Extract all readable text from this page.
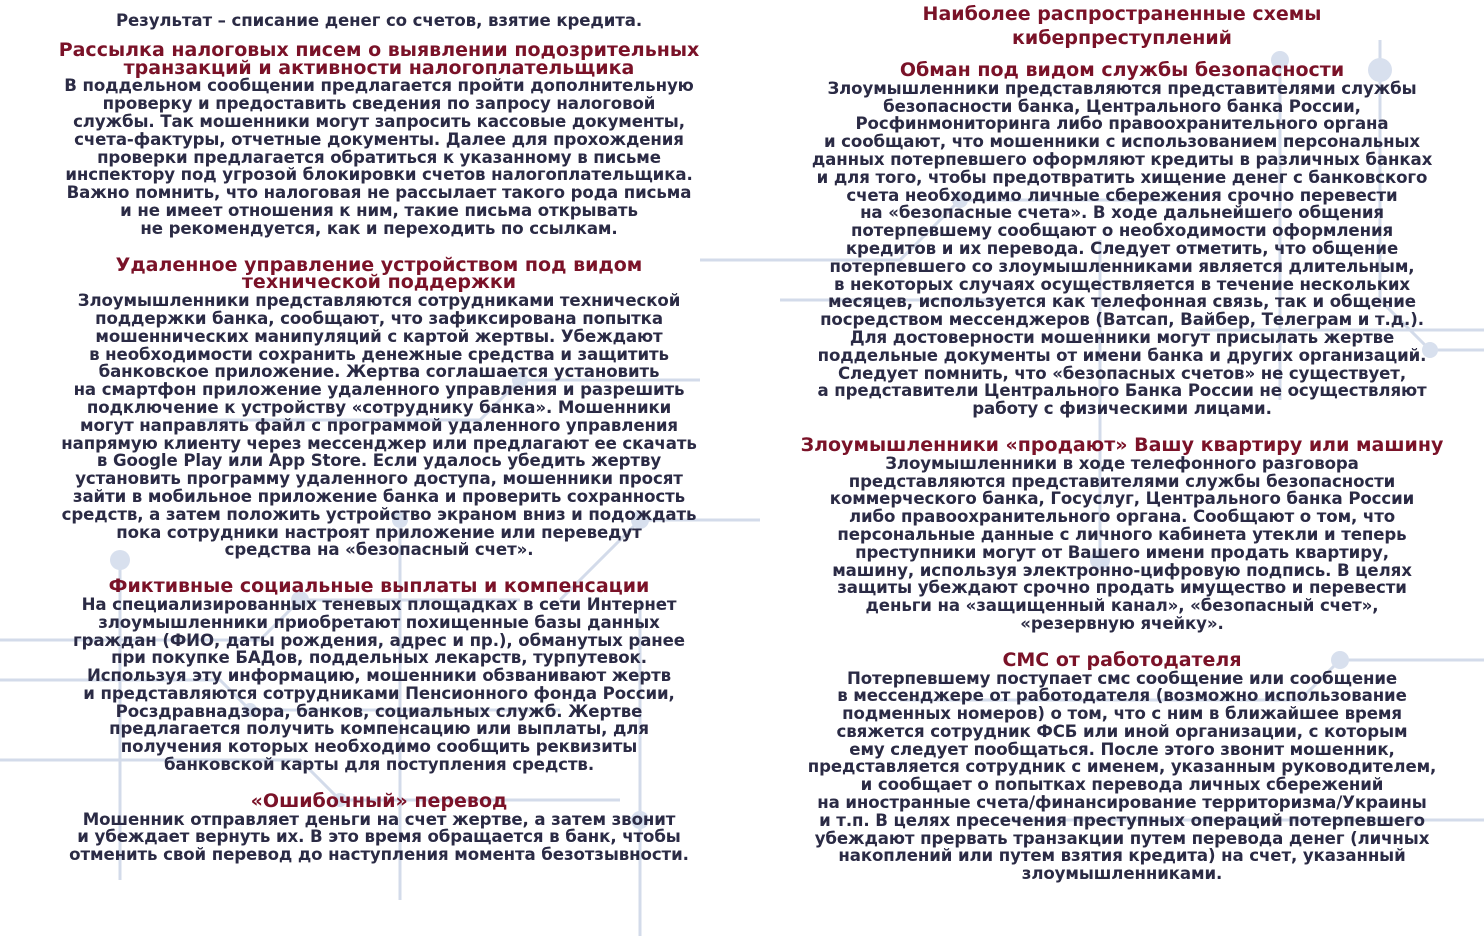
Результат – списание денег со счетов, взятие кредита.

Рассылка налоговых писем о выявлении подозрительных
транзакций и активности налогоплательщика

В поддельном сообщении предлагается пройти дополнительную
проверку и предоставить сведения по запросу налоговой
службы. Так мошенники могут запросить кассовые документы,
счета-фактуры, отчетные документы. Далее для прохождения
проверки предлагается обратиться к указанному в письме
инспектору под угрозой блокировки счетов налогоплательщика.
Важно помнить, что налоговая не рассылает такого рода письма
и не имеет отношения к ним, такие письма открывать
не рекомендуется, как и переходить по ссылкам.

Удаленное управление устройством под видом
технической поддержки

Злоумышленники представляются сотрудниками технической
поддержки банка, сообщают, что зафиксирована попытка
мошеннических манипуляций с картой жертвы. Убеждают
в необходимости сохранить денежные средства и защитить
банковское приложение. Жертва соглашается установить
на смартфон приложение удаленного управления и разрешить
подключение к устройству «сотруднику банка». Мошенники
могут направлять файл с программой удаленного управления
напрямую клиенту через мессенджер или предлагают ее скачать
в Google Play или App Store. Если удалось убедить жертву
установить программу удаленного доступа, мошенники просят
зайти в мобильное приложение банка и проверить сохранность
средств, а затем положить устройство экраном вниз и подождать
пока сотрудники настроят приложение или переведут
средства на «безопасный счет».

Фиктивные социальные выплаты и компенсации

На специализированных теневых площадках в сети Интернет
злоумышленники приобретают похищенные базы данных
граждан (ФИО, даты рождения, адрес и пр.), обманутых ранее
при покупке БАДов, поддельных лекарств, турпутевок.
Используя эту информацию, мошенники обзванивают жертв
и представляются сотрудниками Пенсионного фонда России,
Росздравнадзора, банков, социальных служб. Жертве
предлагается получить компенсацию или выплаты, для
получения которых необходимо сообщить реквизиты
банковской карты для поступления средств.

«Ошибочный» перевод

Мошенник отправляет деньги на счет жертве, а затем звонит
и убеждает вернуть их. В это время обращается в банк, чтобы
отменить свой перевод до наступления момента безотзывности.

Наиболее распространенные схемы
киберпреступлений

Обман под видом службы безопасности

Злоумышленники представляются представителями службы
безопасности банка, Центрального банка России,
Росфинмониторинга либо правоохранительного органа
и сообщают, что мошенники с использованием персональных
данных потерпевшего оформляют кредиты в различных банках
и для того, чтобы предотвратить хищение денег с банковского
счета необходимо личные сбережения срочно перевести
на «безопасные счета». В ходе дальнейшего общения
потерпевшему сообщают о необходимости оформления
кредитов и их перевода. Следует отметить, что общение
потерпевшего со злоумышленниками является длительным,
в некоторых случаях осуществляется в течение нескольких
месяцев, используется как телефонная связь, так и общение
посредством мессенджеров (Ватсап, Вайбер, Телеграм и т.д.).
Для достоверности мошенники могут присылать жертве
поддельные документы от имени банка и других организаций.
Следует помнить, что «безопасных счетов» не существует,
а представители Центрального Банка России не осуществляют
работу с физическими лицами.

Злоумышленники «продают» Вашу квартиру или машину

Злоумышленники в ходе телефонного разговора
представляются представителями службы безопасности
коммерческого банка, Госуслуг, Центрального банка России
либо правоохранительного органа. Сообщают о том, что
персональные данные с личного кабинета утекли и теперь
преступники могут от Вашего имени продать квартиру,
машину, используя электронно-цифровую подпись. В целях
защиты убеждают срочно продать имущество и перевести
деньги на «защищенный канал», «безопасный счет»,
«резервную ячейку».

СМС от работодателя

Потерпевшему поступает смс сообщение или сообщение
в мессенджере от работодателя (возможно использование
подменных номеров) о том, что с ним в ближайшее время
свяжется сотрудник ФСБ или иной организации, с которым
ему следует пообщаться. После этого звонит мошенник,
представляется сотрудник с именем, указанным руководителем,
и сообщает о попытках перевода личных сбережений
на иностранные счета/финансирование территоризма/Украины
и т.п. В целях пресечения преступных операций потерпевшего
убеждают прервать транзакции путем перевода денег (личных
накоплений или путем взятия кредита) на счет, указанный
злоумышленниками.
